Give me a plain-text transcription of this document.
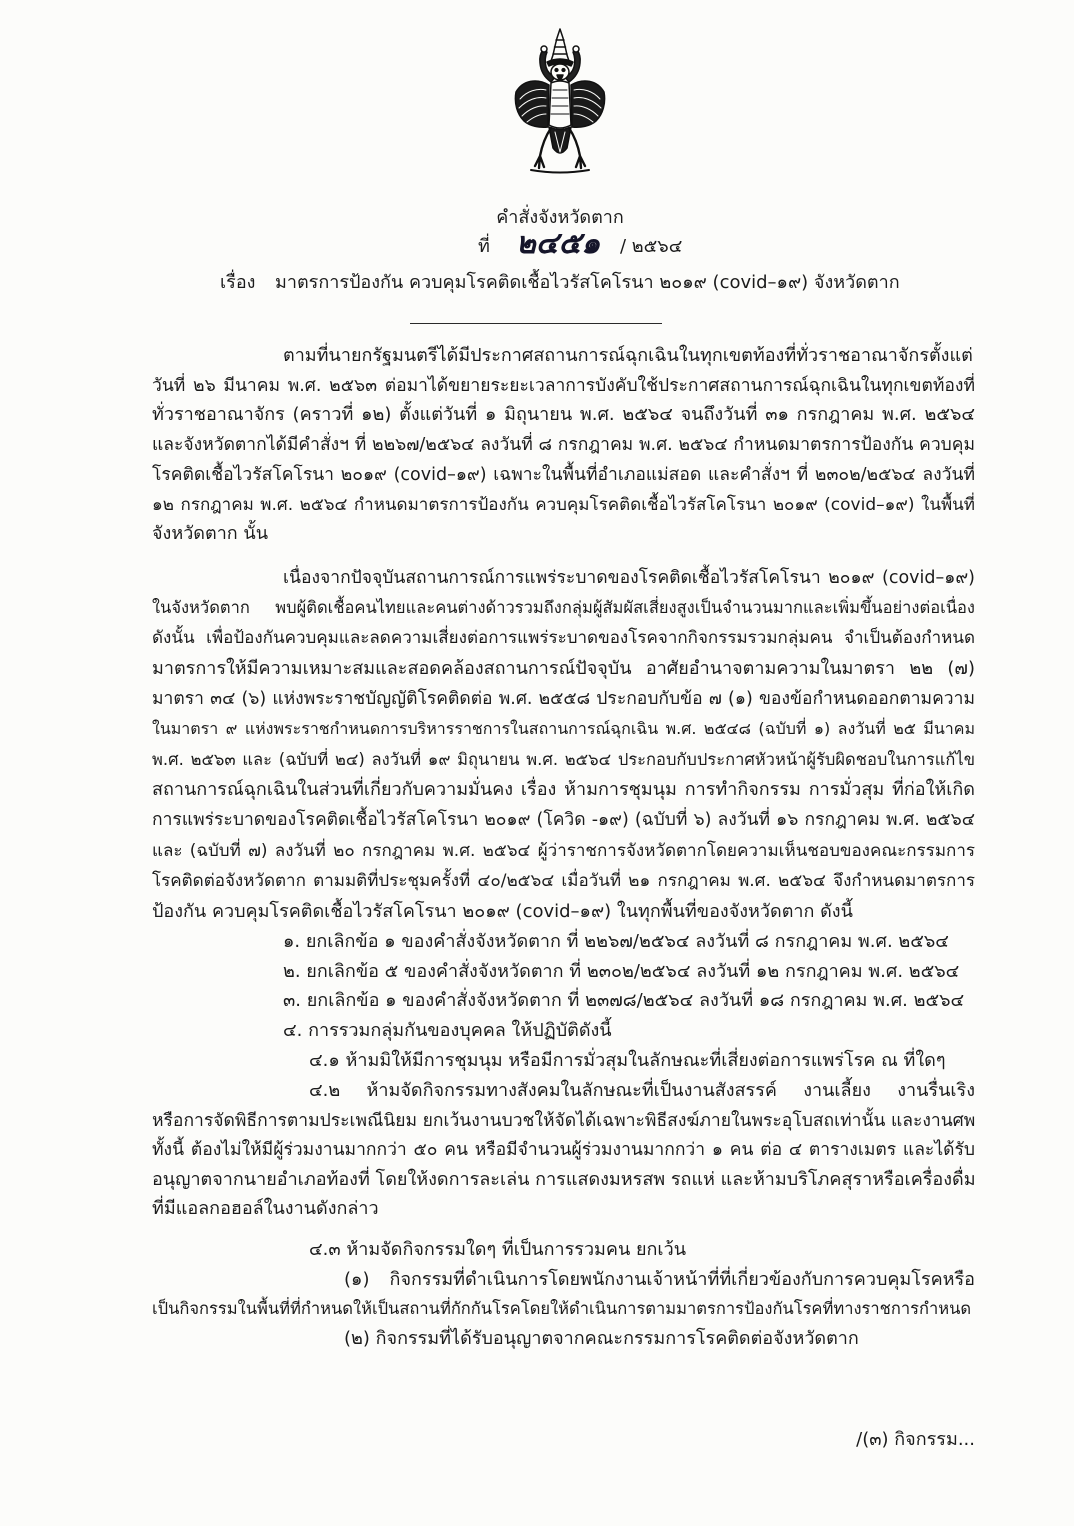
คำสั่งจังหวัดตาก
ที่ ๒๔๕๑	/ ๒๕๖๔
เรื่อง	มาตรการป้องกัน ควบคุมโรคติดเชื้อไวรัสโคโรนา ๒๐๑๙ (covid–๑๙) จังหวัดตาก
ตามที่นายกรัฐมนตรีได้มีประกาศสถานการณ์ฉุกเฉินในทุกเขตท้องที่ทั่วราชอาณาจักรตั้งแต่
วันที่ ๒๖ มีนาคม พ.ศ. ๒๕๖๓ ต่อมาได้ขยายระยะเวลาการบังคับใช้ประกาศสถานการณ์ฉุกเฉินในทุกเขตท้องที่
ทั่วราชอาณาจักร (คราวที่ ๑๒) ตั้งแต่วันที่ ๑ มิถุนายน พ.ศ. ๒๕๖๔ จนถึงวันที่ ๓๑ กรกฎาคม พ.ศ. ๒๕๖๔
และจังหวัดตากได้มีคำสั่งฯ ที่ ๒๒๖๗/๒๕๖๔ ลงวันที่ ๘ กรกฎาคม พ.ศ. ๒๕๖๔ กำหนดมาตรการป้องกัน ควบคุม
โรคติดเชื้อไวรัสโคโรนา ๒๐๑๙ (covid–๑๙) เฉพาะในพื้นที่อำเภอแม่สอด และคำสั่งฯ ที่ ๒๓๐๒/๒๕๖๔ ลงวันที่
๑๒ กรกฎาคม พ.ศ. ๒๕๖๔ กำหนดมาตรการป้องกัน ควบคุมโรคติดเชื้อไวรัสโคโรนา ๒๐๑๙ (covid–๑๙) ในพื้นที่
จังหวัดตาก นั้น
เนื่องจากปัจจุบันสถานการณ์การแพร่ระบาดของโรคติดเชื้อไวรัสโคโรนา ๒๐๑๙ (covid–๑๙)
ในจังหวัดตาก พบผู้ติดเชื้อคนไทยและคนต่างด้าวรวมถึงกลุ่มผู้สัมผัสเสี่ยงสูงเป็นจำนวนมากและเพิ่มขึ้นอย่างต่อเนื่อง
ดังนั้น เพื่อป้องกันควบคุมและลดความเสี่ยงต่อการแพร่ระบาดของโรคจากกิจกรรมรวมกลุ่มคน จำเป็นต้องกำหนด
มาตรการให้มีความเหมาะสมและสอดคล้องสถานการณ์ปัจจุบัน อาศัยอำนาจตามความในมาตรา ๒๒ (๗)
มาตรา ๓๔ (๖) แห่งพระราชบัญญัติโรคติดต่อ พ.ศ. ๒๕๕๘ ประกอบกับข้อ ๗ (๑) ของข้อกำหนดออกตามความ
ในมาตรา ๙ แห่งพระราชกำหนดการบริหารราชการในสถานการณ์ฉุกเฉิน พ.ศ. ๒๕๔๘ (ฉบับที่ ๑) ลงวันที่ ๒๕ มีนาคม
พ.ศ. ๒๕๖๓ และ (ฉบับที่ ๒๔) ลงวันที่ ๑๙ มิถุนายน พ.ศ. ๒๕๖๔ ประกอบกับประกาศหัวหน้าผู้รับผิดชอบในการแก้ไข
สถานการณ์ฉุกเฉินในส่วนที่เกี่ยวกับความมั่นคง เรื่อง ห้ามการชุมนุม การทำกิจกรรม การมั่วสุม ที่ก่อให้เกิด
การแพร่ระบาดของโรคติดเชื้อไวรัสโคโรนา ๒๐๑๙ (โควิด -๑๙) (ฉบับที่ ๖) ลงวันที่ ๑๖ กรกฎาคม พ.ศ. ๒๕๖๔
และ (ฉบับที่ ๗) ลงวันที่ ๒๐ กรกฎาคม พ.ศ. ๒๕๖๔ ผู้ว่าราชการจังหวัดตากโดยความเห็นชอบของคณะกรรมการ
โรคติดต่อจังหวัดตาก ตามมติที่ประชุมครั้งที่ ๔๐/๒๕๖๔ เมื่อวันที่ ๒๑ กรกฎาคม พ.ศ. ๒๕๖๔ จึงกำหนดมาตรการ
ป้องกัน ควบคุมโรคติดเชื้อไวรัสโคโรนา ๒๐๑๙ (covid–๑๙) ในทุกพื้นที่ของจังหวัดตาก ดังนี้
๑. ยกเลิกข้อ ๑ ของคำสั่งจังหวัดตาก ที่ ๒๒๖๗/๒๕๖๔ ลงวันที่ ๘ กรกฎาคม พ.ศ. ๒๕๖๔
๒. ยกเลิกข้อ ๕ ของคำสั่งจังหวัดตาก ที่ ๒๓๐๒/๒๕๖๔ ลงวันที่ ๑๒ กรกฎาคม พ.ศ. ๒๕๖๔
๓. ยกเลิกข้อ ๑ ของคำสั่งจังหวัดตาก ที่ ๒๓๗๘/๒๕๖๔ ลงวันที่ ๑๘ กรกฎาคม พ.ศ. ๒๕๖๔
๔. การรวมกลุ่มกันของบุคคล ให้ปฏิบัติดังนี้
๔.๑ ห้ามมิให้มีการชุมนุม หรือมีการมั่วสุมในลักษณะที่เสี่ยงต่อการแพร่โรค ณ ที่ใดๆ
๔.๒ ห้ามจัดกิจกรรมทางสังคมในลักษณะที่เป็นงานสังสรรค์ งานเลี้ยง งานรื่นเริง
หรือการจัดพิธีการตามประเพณีนิยม ยกเว้นงานบวชให้จัดได้เฉพาะพิธีสงฆ์ภายในพระอุโบสถเท่านั้น และงานศพ
ทั้งนี้ ต้องไม่ให้มีผู้ร่วมงานมากกว่า ๕๐ คน หรือมีจำนวนผู้ร่วมงานมากกว่า ๑ คน ต่อ ๔ ตารางเมตร และได้รับ
อนุญาตจากนายอำเภอท้องที่ โดยให้งดการละเล่น การแสดงมหรสพ รถแห่ และห้ามบริโภคสุราหรือเครื่องดื่ม
ที่มีแอลกอฮอล์ในงานดังกล่าว
๔.๓ ห้ามจัดกิจกรรมใดๆ ที่เป็นการรวมคน ยกเว้น
(๑) กิจกรรมที่ดำเนินการโดยพนักงานเจ้าหน้าที่ที่เกี่ยวข้องกับการควบคุมโรคหรือ
เป็นกิจกรรมในพื้นที่ที่กำหนดให้เป็นสถานที่กักกันโรคโดยให้ดำเนินการตามมาตรการป้องกันโรคที่ทางราชการกำหนด
(๒) กิจกรรมที่ได้รับอนุญาตจากคณะกรรมการโรคติดต่อจังหวัดตาก
/(๓) กิจกรรม...
